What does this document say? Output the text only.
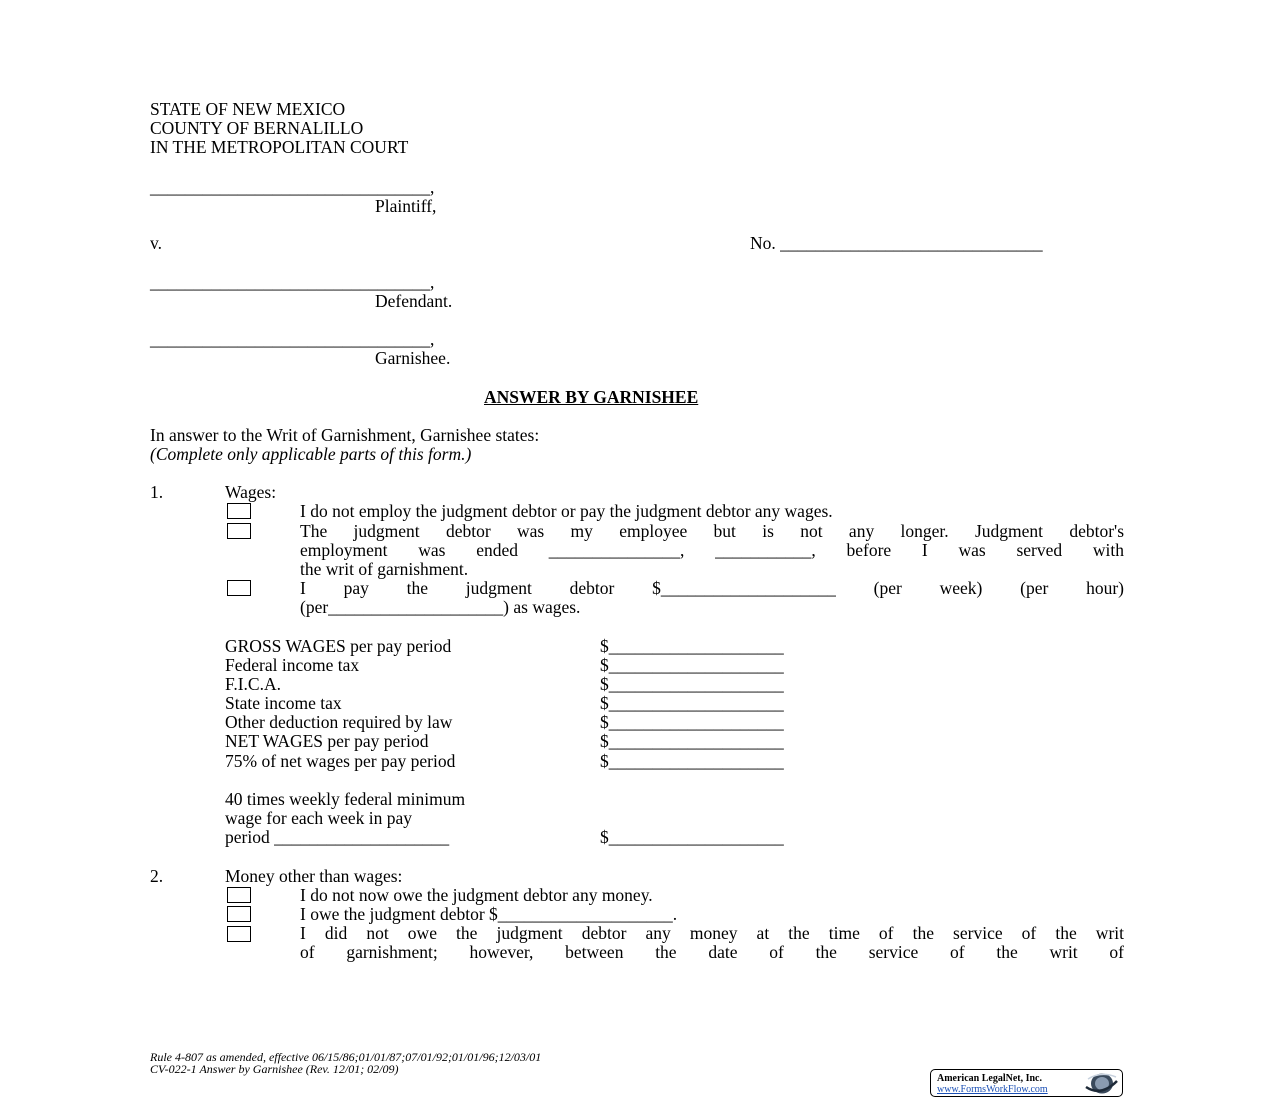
STATE OF NEW MEXICO
COUNTY OF BERNALILLO
IN THE METROPOLITAN COURT
________________________________,
Plaintiff,
v.	No. ______________________________
________________________________,
Defendant.
________________________________,
Garnishee.
ANSWER BY GARNISHEE
In answer to the Writ of Garnishment, Garnishee states:
(Complete only applicable parts of this form.)
1.	Wages:
I do not employ the judgment debtor or pay the judgment debtor any wages.
The judgment debtor was my employee but is not any longer. Judgment debtor's
employment was ended _______________, ___________, before I was served with
the writ of garnishment.
I pay the judgment debtor $____________________ (per week) (per hour)
(per____________________) as wages.
GROSS WAGES per pay period	$____________________
Federal income tax	$____________________
F.I.C.A.	$____________________
State income tax	$____________________
Other deduction required by law	$____________________
NET WAGES per pay period	$____________________
75% of net wages per pay period	$____________________
40 times weekly federal minimum
wage for each week in pay
period ____________________	$____________________
2.	Money other than wages:
I do not now owe the judgment debtor any money.
I owe the judgment debtor $____________________.
I did not owe the judgment debtor any money at the time of the service of the writ
of garnishment; however, between the date of the service of the writ of
Rule 4-807 as amended, effective 06/15/86;01/01/87;07/01/92;01/01/96;12/03/01
CV-022-1 Answer by Garnishee (Rev. 12/01; 02/09)
American LegalNet, Inc.
www.FormsWorkFlow.com
